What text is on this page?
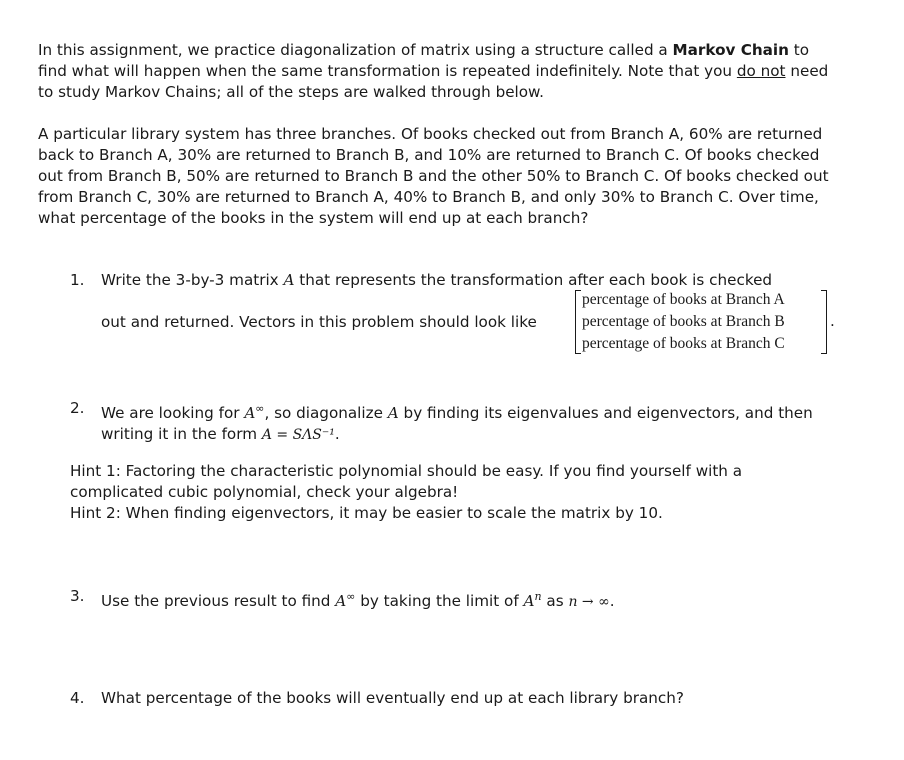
In this assignment, we practice diagonalization of matrix using a structure called a Markov Chain to find what will happen when the same transformation is repeated indefinitely. Note that you do not need to study Markov Chains; all of the steps are walked through below.

A particular library system has three branches. Of books checked out from Branch A, 60% are returned back to Branch A, 30% are returned to Branch B, and 10% are returned to Branch C. Of books checked out from Branch B, 50% are returned to Branch B and the other 50% to Branch C. Of books checked out from Branch C, 30% are returned to Branch A, 40% to Branch B, and only 30% to Branch C. Over time, what percentage of the books in the system will end up at each branch?

1. Write the 3-by-3 matrix A that represents the transformation after each book is checked
out and returned. Vectors in this problem should look like
percentage of books at Branch A
percentage of books at Branch B
percentage of books at Branch C
.
2. We are looking for A∞, so diagonalize A by finding its eigenvalues and eigenvectors, and then writing it in the form A = SΛS⁻¹.

Hint 1: Factoring the characteristic polynomial should be easy. If you find yourself with a complicated cubic polynomial, check your algebra!

Hint 2: When finding eigenvectors, it may be easier to scale the matrix by 10.

3. Use the previous result to find A∞ by taking the limit of $A^n$ as n → ∞.

4. What percentage of the books will eventually end up at each library branch?
